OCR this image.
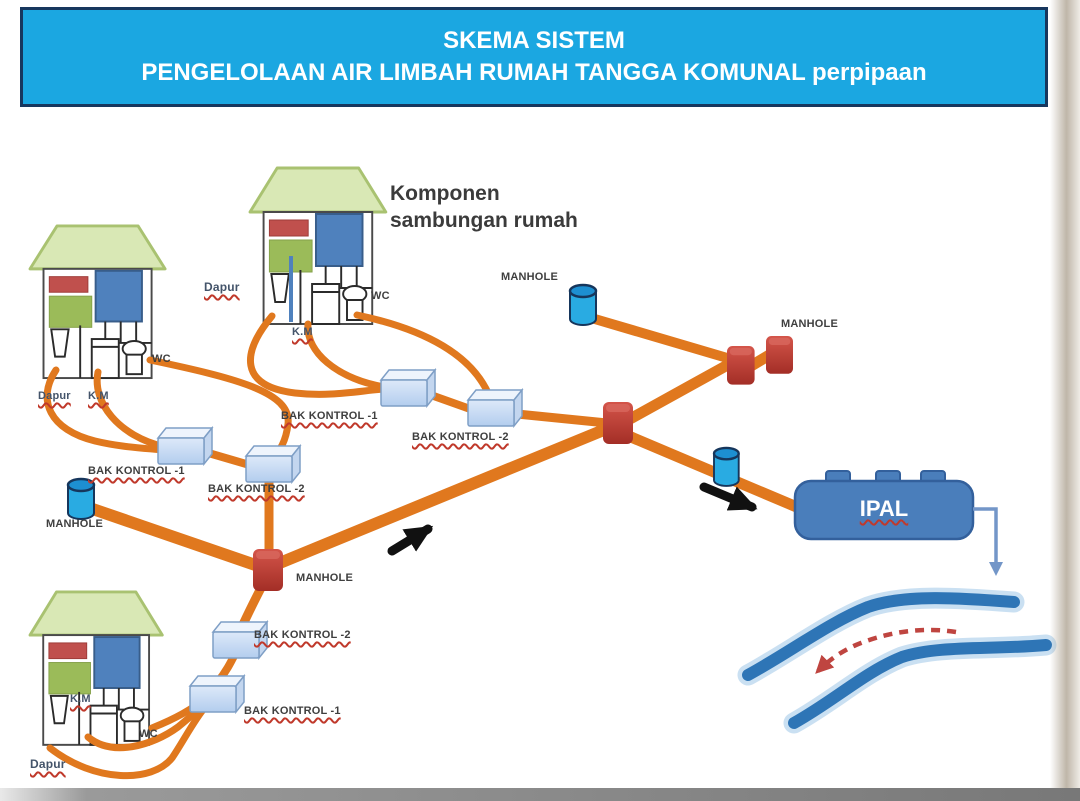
SKEMA SISTEM
PENGELOLAAN AIR LIMBAH RUMAH TANGGA KOMUNAL perpipaan
Komponen
sambungan rumah
Dapur K.M
WC
Dapur
K.M
WC
Dapur
K.M
WC
MANHOLE
MANHOLE
MANHOLE
MANHOLE
BAK KONTROL -1
BAK KONTROL -2
BAK KONTROL -1
BAK KONTROL -2
BAK KONTROL -2
BAK KONTROL -1
IPAL
